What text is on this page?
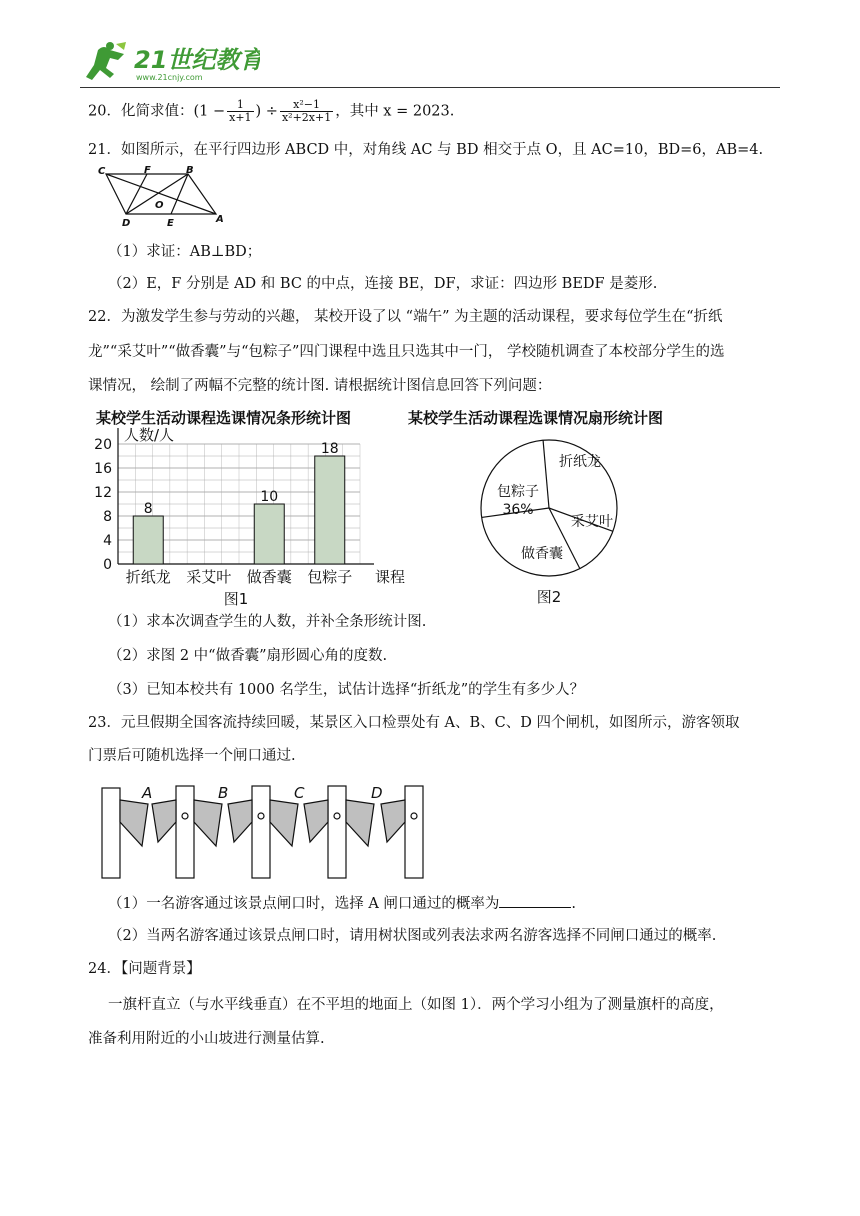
21世纪教育
www.21cnjy.com
20．化简求值：($1 - \frac{1}{x+1}$ ) ÷ $\frac{\text{x²−1}}{\text{x²+2x+1}}$ ，其中 x = 2023.
21．如图所示，在平行四边形 ABCD 中，对角线 AC 与 BD 相交于点 O，且 AC=10，BD=6，AB=4.
C	F	B
O
D	E	A
（1）求证：AB⊥BD；
（2）E，F 分别是 AD 和 BC 的中点，连接 BE，DF，求证：四边形 BEDF 是菱形.
22．为激发学生参与劳动的兴趣， 某校开设了以 “端午” 为主题的活动课程，要求每位学生在“折纸
龙”“采艾叶”“做香囊”与“包粽子”四门课程中选且只选其中一门， 学校随机调查了本校部分学生的选
课情况， 绘制了两幅不完整的统计图. 请根据统计图信息回答下列问题：
某校学生活动课程选课情况条形统计图	某校学生活动课程选课情况扇形统计图
0
4
8
12
16
20
人数/人
8
折纸龙 采艾叶
10
做香囊
18
包粽子 课程
图1
折纸龙
采艾叶
做香囊
包粽子
36%
图2
（1）求本次调查学生的人数，并补全条形统计图.
（2）求图 2 中“做香囊”扇形圆心角的度数.
（3）已知本校共有 1000 名学生，试估计选择“折纸龙”的学生有多少人？
23．元旦假期全国客流持续回暖，某景区入口检票处有 A、B、C、D 四个闸机，如图所示，游客领取
门票后可随机选择一个闸口通过.
A	B	C	D
（1）一名游客通过该景点闸口时，选择 A 闸口通过的概率为	.
（2）当两名游客通过该景点闸口时，请用树状图或列表法求两名游客选择不同闸口通过的概率.
24．【问题背景】
一旗杆直立（与水平线垂直）在不平坦的地面上（如图 1）．两个学习小组为了测量旗杆的高度，
准备利用附近的小山坡进行测量估算.
